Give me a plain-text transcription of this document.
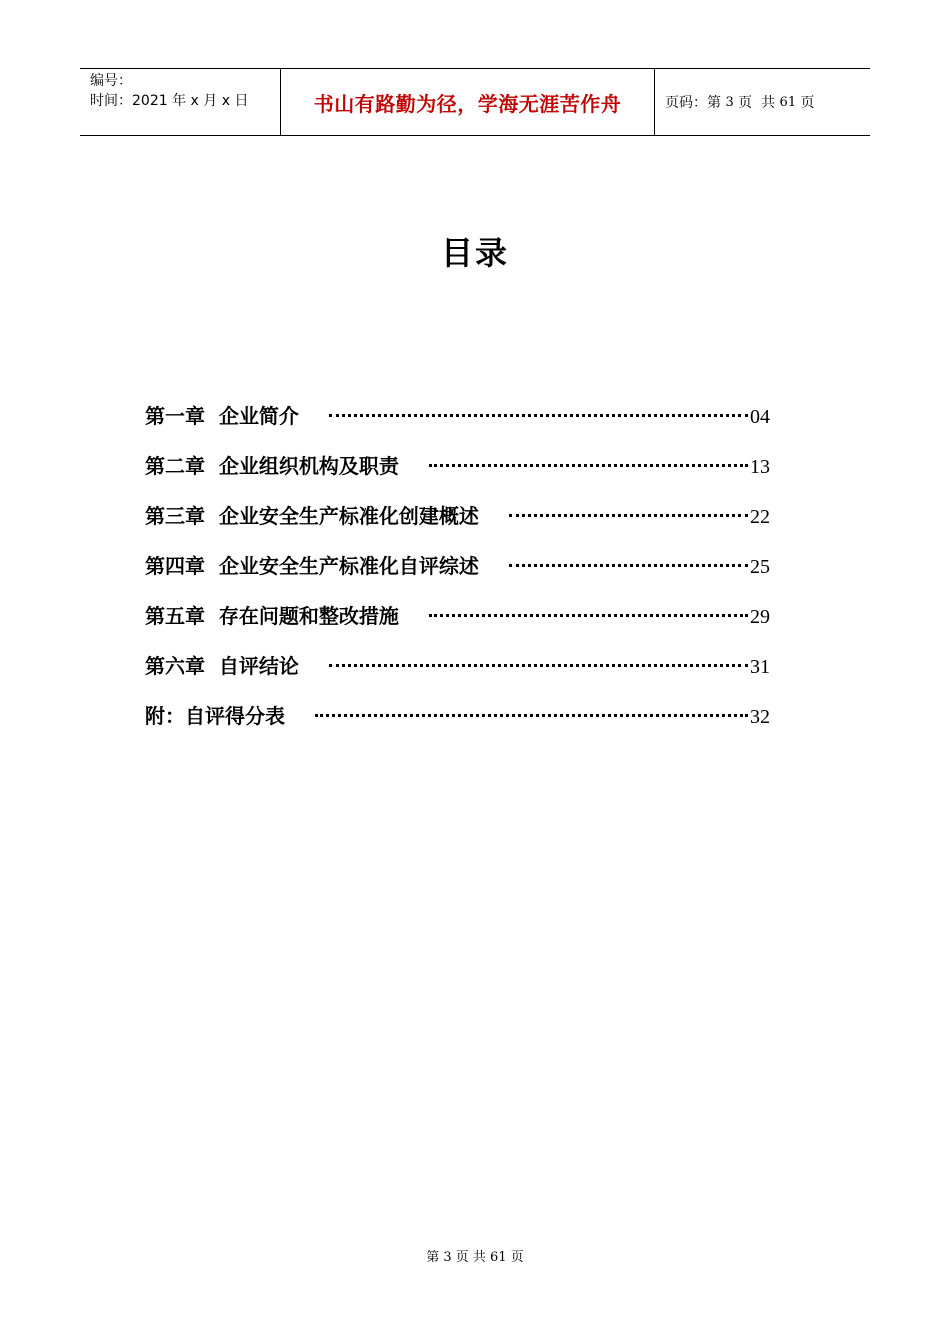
编号：
时间：2021 年 x 月 x 日	书山有路勤为径，学海无涯苦作舟	页码：第 3 页  共 61 页
目录
第一章  企业简介	04
第二章  企业组织机构及职责	13
第三章  企业安全生产标准化创建概述	22
第四章  企业安全生产标准化自评综述	25
第五章  存在问题和整改措施	29
第六章  自评结论	31
附：自评得分表	32
第 3 页 共 61 页
